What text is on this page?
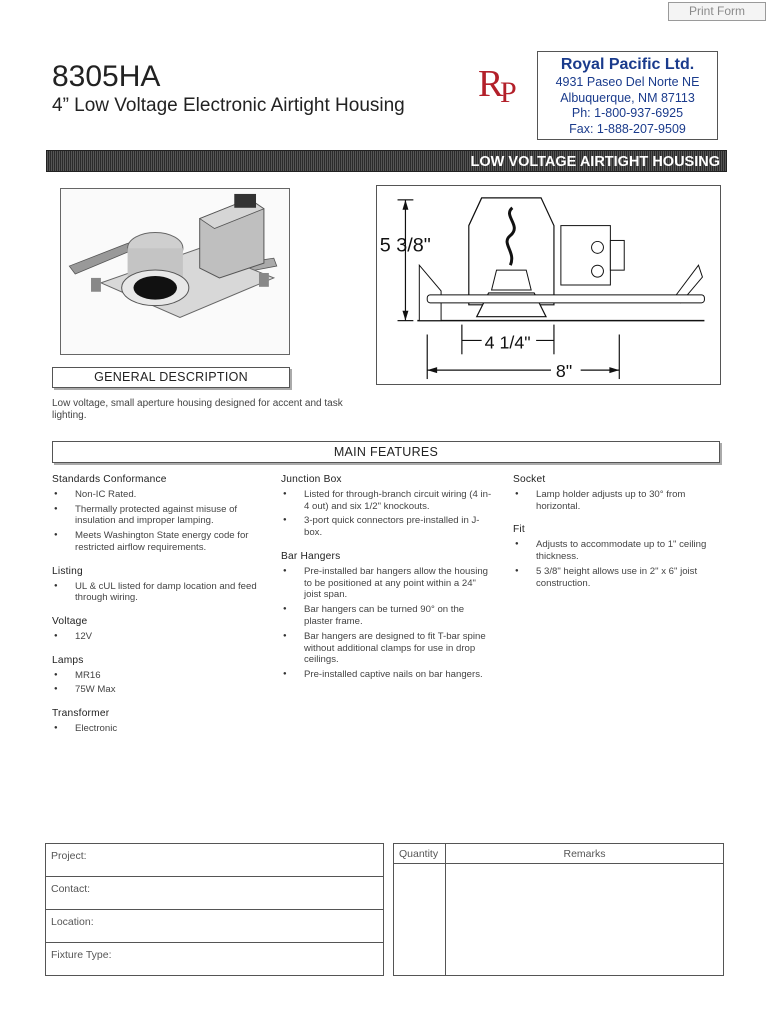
Print Form
8305HA
4” Low Voltage Electronic Airtight Housing
R
P
Royal Pacific Ltd.
4931 Paseo Del Norte NE
Albuquerque, NM 87113
Ph: 1-800-937-6925
Fax: 1-888-207-9509
LOW VOLTAGE AIRTIGHT HOUSING
5 3/8"
4 1/4"
8"
GENERAL DESCRIPTION
Low voltage, small aperture housing designed for accent and task lighting.
MAIN FEATURES
Standards Conformance
● Non-IC Rated.
● Thermally protected against misuse of insulation and improper lamping.
● Meets Washington State energy code for restricted airflow requirements.
Listing
● UL & cUL listed for damp location and feed through wiring.
Voltage
● 12V
Lamps
● MR16
● 75W Max
Transformer
● Electronic
Junction Box
● Listed for through-branch circuit wiring (4 in-4 out) and six 1/2" knockouts.
● 3-port quick connectors pre-installed in J-box.
Bar Hangers
● Pre-installed bar hangers allow the housing to be positioned at any point within a 24" joist span.
● Bar hangers can be turned 90° on the plaster frame.
● Bar hangers are designed to fit T-bar spine without additional clamps for use in drop ceilings.
● Pre-installed captive nails on bar hangers.
Socket
● Lamp holder adjusts up to 30° from horizontal.
Fit
● Adjusts to accommodate up to 1" ceiling thickness.
● 5 3/8" height allows use in 2" x 6" joist construction.
Project:
Contact:
Location:
Fixture Type:
Quantity	Remarks
